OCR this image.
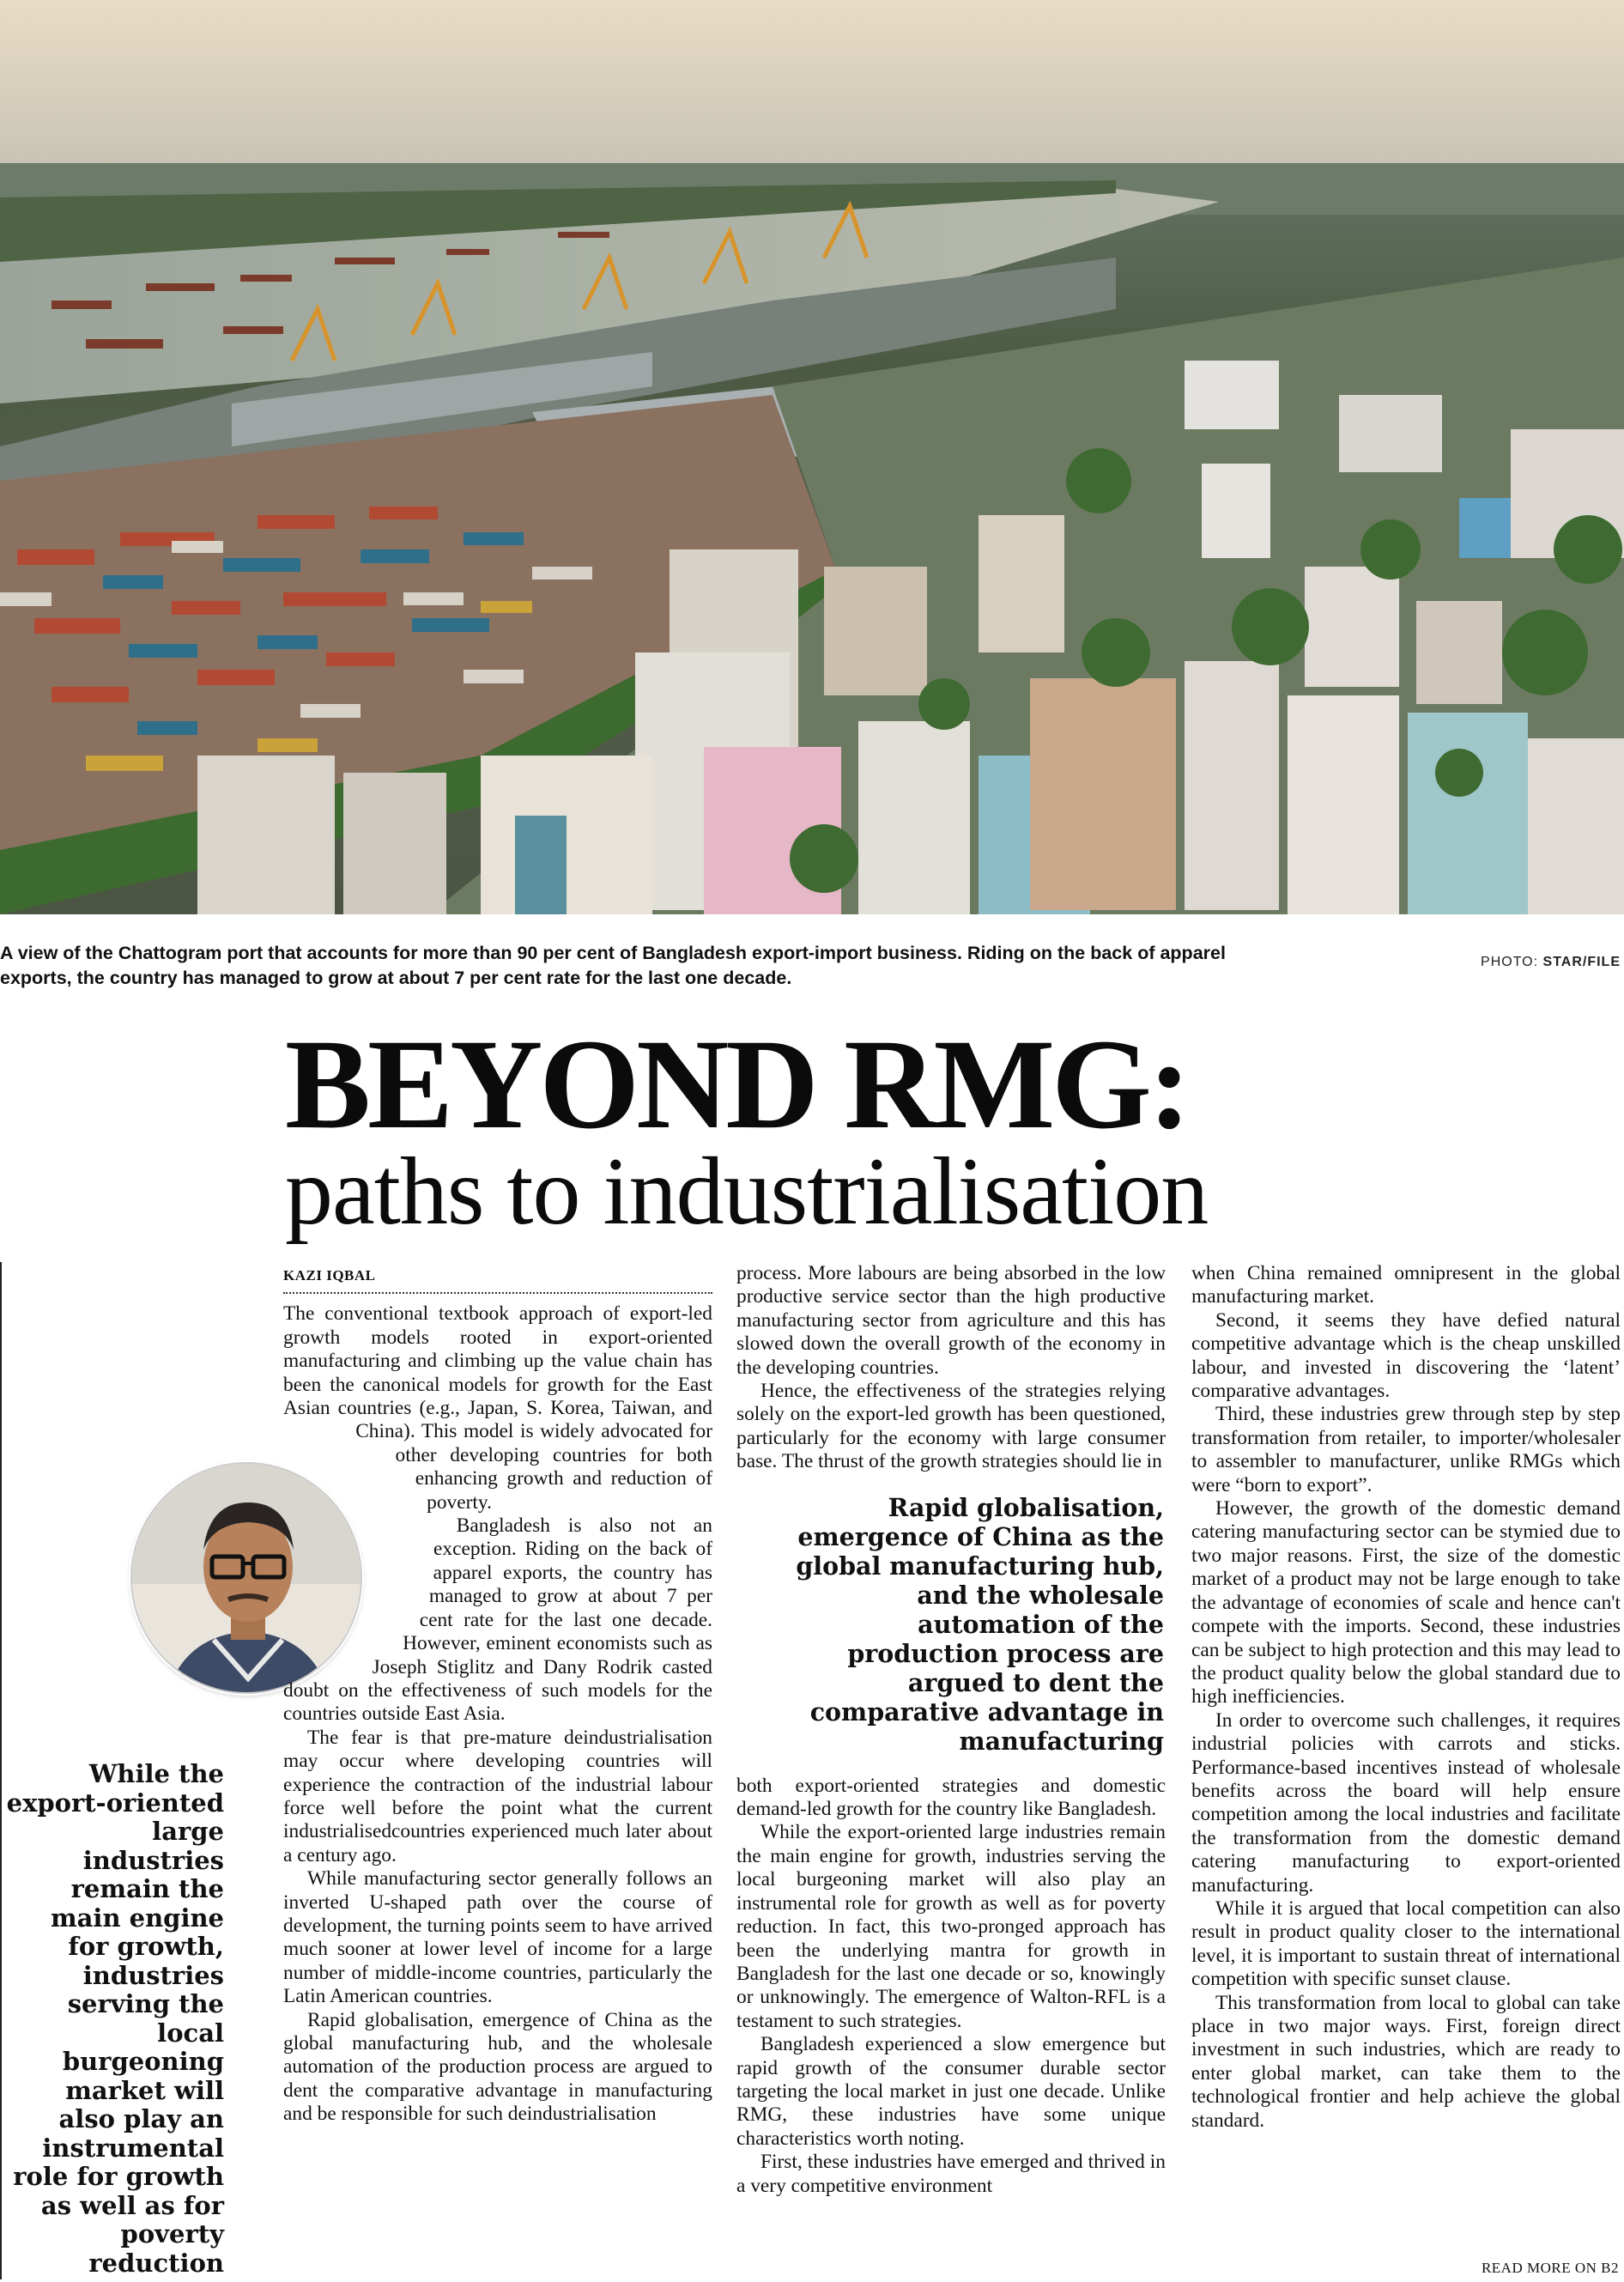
A view of the Chattogram port that accounts for more than 90 per cent of Bangladesh export-import business. Riding on the back of apparel exports, the country has managed to grow at about 7 per cent rate for the last one decade.
PHOTO: STAR/FILE
BEYOND RMG:
paths to industrialisation
While the export-oriented large industries remain the main engine for growth, industries serving the local burgeoning market will also play an instrumental role for growth as well as for poverty reduction
KAZI IQBAL

The conventional textbook approach of export-led growth models rooted in export-oriented manufacturing and climbing up the value chain has been the canonical models for growth for the East Asian countries (e.g., Japan, S. Korea, Taiwan, and China). This model is widely advocated for other developing countries for both enhancing growth and reduction of poverty.

Bangladesh is also not an exception. Riding on the back of apparel exports, the country has managed to grow at about 7 per cent rate for the last one decade. However, eminent economists such as Joseph Stiglitz and Dany Rodrik casted doubt on the effectiveness of such models for the countries outside East Asia.

The fear is that pre-mature deindustrialisation may occur where developing countries will experience the contraction of the industrial labour force well before the point what the current industrialisedcountries experienced much later about a century ago.

While manufacturing sector generally follows an inverted U-shaped path over the course of development, the turning points seem to have arrived much sooner at lower level of income for a large number of middle-income countries, particularly the Latin American countries.

Rapid globalisation, emergence of China as the global manufacturing hub, and the wholesale automation of the production process are argued to dent the comparative advantage in manufacturing and be responsible for such deindustrialisation

process. More labours are being absorbed in the low productive service sector than the high productive manufacturing sector from agriculture and this has slowed down the overall growth of the economy in the developing countries.

Hence, the effectiveness of the strategies relying solely on the export-led growth has been questioned, particularly for the economy with large consumer base. The thrust of the growth strategies should lie in

Rapid globalisation, emergence of China as the global manufacturing hub, and the wholesale automation of the production process are argued to dent the comparative advantage in manufacturing

both export-oriented strategies and domestic demand-led growth for the country like Bangladesh.

While the export-oriented large industries remain the main engine for growth, industries serving the local burgeoning market will also play an instrumental role for growth as well as for poverty reduction. In fact, this two-pronged approach has been the underlying mantra for growth in Bangladesh for the last one decade or so, knowingly or unknowingly. The emergence of Walton-RFL is a testament to such strategies.

Bangladesh experienced a slow emergence but rapid growth of the consumer durable sector targeting the local market in just one decade. Unlike RMG, these industries have some unique characteristics worth noting.

First, these industries have emerged and thrived in a very competitive environment

when China remained omnipresent in the global manufacturing market.

Second, it seems they have defied natural competitive advantage which is the cheap unskilled labour, and invested in discovering the ‘latent’ comparative advantages.

Third, these industries grew through step by step transformation from retailer, to importer/wholesaler to assembler to manufacturer, unlike RMGs which were “born to export”.

However, the growth of the domestic demand catering manufacturing sector can be stymied due to two major reasons. First, the size of the domestic market of a product may not be large enough to take the advantage of economies of scale and hence can't compete with the imports. Second, these industries can be subject to high protection and this may lead to the product quality below the global standard due to high inefficiencies.

In order to overcome such challenges, it requires industrial policies with carrots and sticks. Performance-based incentives instead of wholesale benefits across the board will help ensure competition among the local industries and facilitate the transformation from the domestic demand catering manufacturing to export-oriented manufacturing.

While it is argued that local competition can also result in product quality closer to the international level, it is important to sustain threat of international competition with specific sunset clause.

This transformation from local to global can take place in two major ways. First, foreign direct investment in such industries, which are ready to enter global market, can take them to the technological frontier and help achieve the global standard.

READ MORE ON B2
